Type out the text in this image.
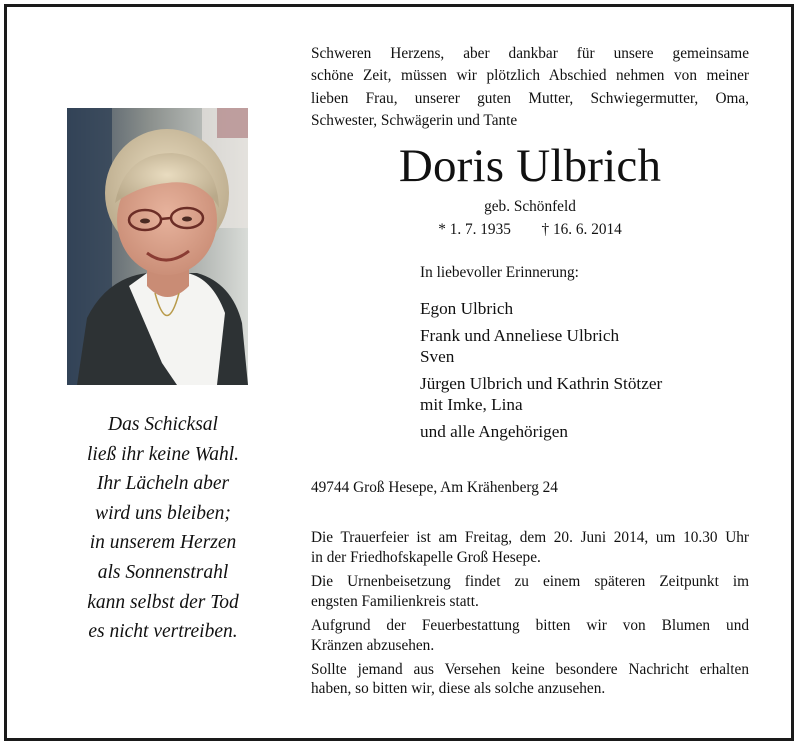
Schweren Herzens, aber dankbar für unsere gemeinsame
schöne Zeit, müssen wir plötzlich Abschied nehmen von meiner
lieben Frau, unserer guten Mutter, Schwiegermutter, Oma,
Schwester, Schwägerin und Tante
Doris Ulbrich
geb. Schönfeld
* 1. 7. 1935        † 16. 6. 2014
Das Schicksal
ließ ihr keine Wahl.
Ihr Lächeln aber
wird uns bleiben;
in unserem Herzen
als Sonnenstrahl
kann selbst der Tod
es nicht vertreiben.
In liebevoller Erinnerung:
Egon Ulbrich
Frank und Anneliese Ulbrich
Sven
Jürgen Ulbrich und Kathrin Stötzer
mit Imke, Lina
und alle Angehörigen
49744 Groß Hesepe, Am Krähenberg 24
Die Trauerfeier ist am Freitag, dem 20. Juni 2014, um 10.30 Uhr
in der Friedhofskapelle Groß Hesepe.
Die Urnenbeisetzung findet zu einem späteren Zeitpunkt im
engsten Familienkreis statt.
Aufgrund der Feuerbestattung bitten wir von Blumen und
Kränzen abzusehen.
Sollte jemand aus Versehen keine besondere Nachricht erhalten
haben, so bitten wir, diese als solche anzusehen.
